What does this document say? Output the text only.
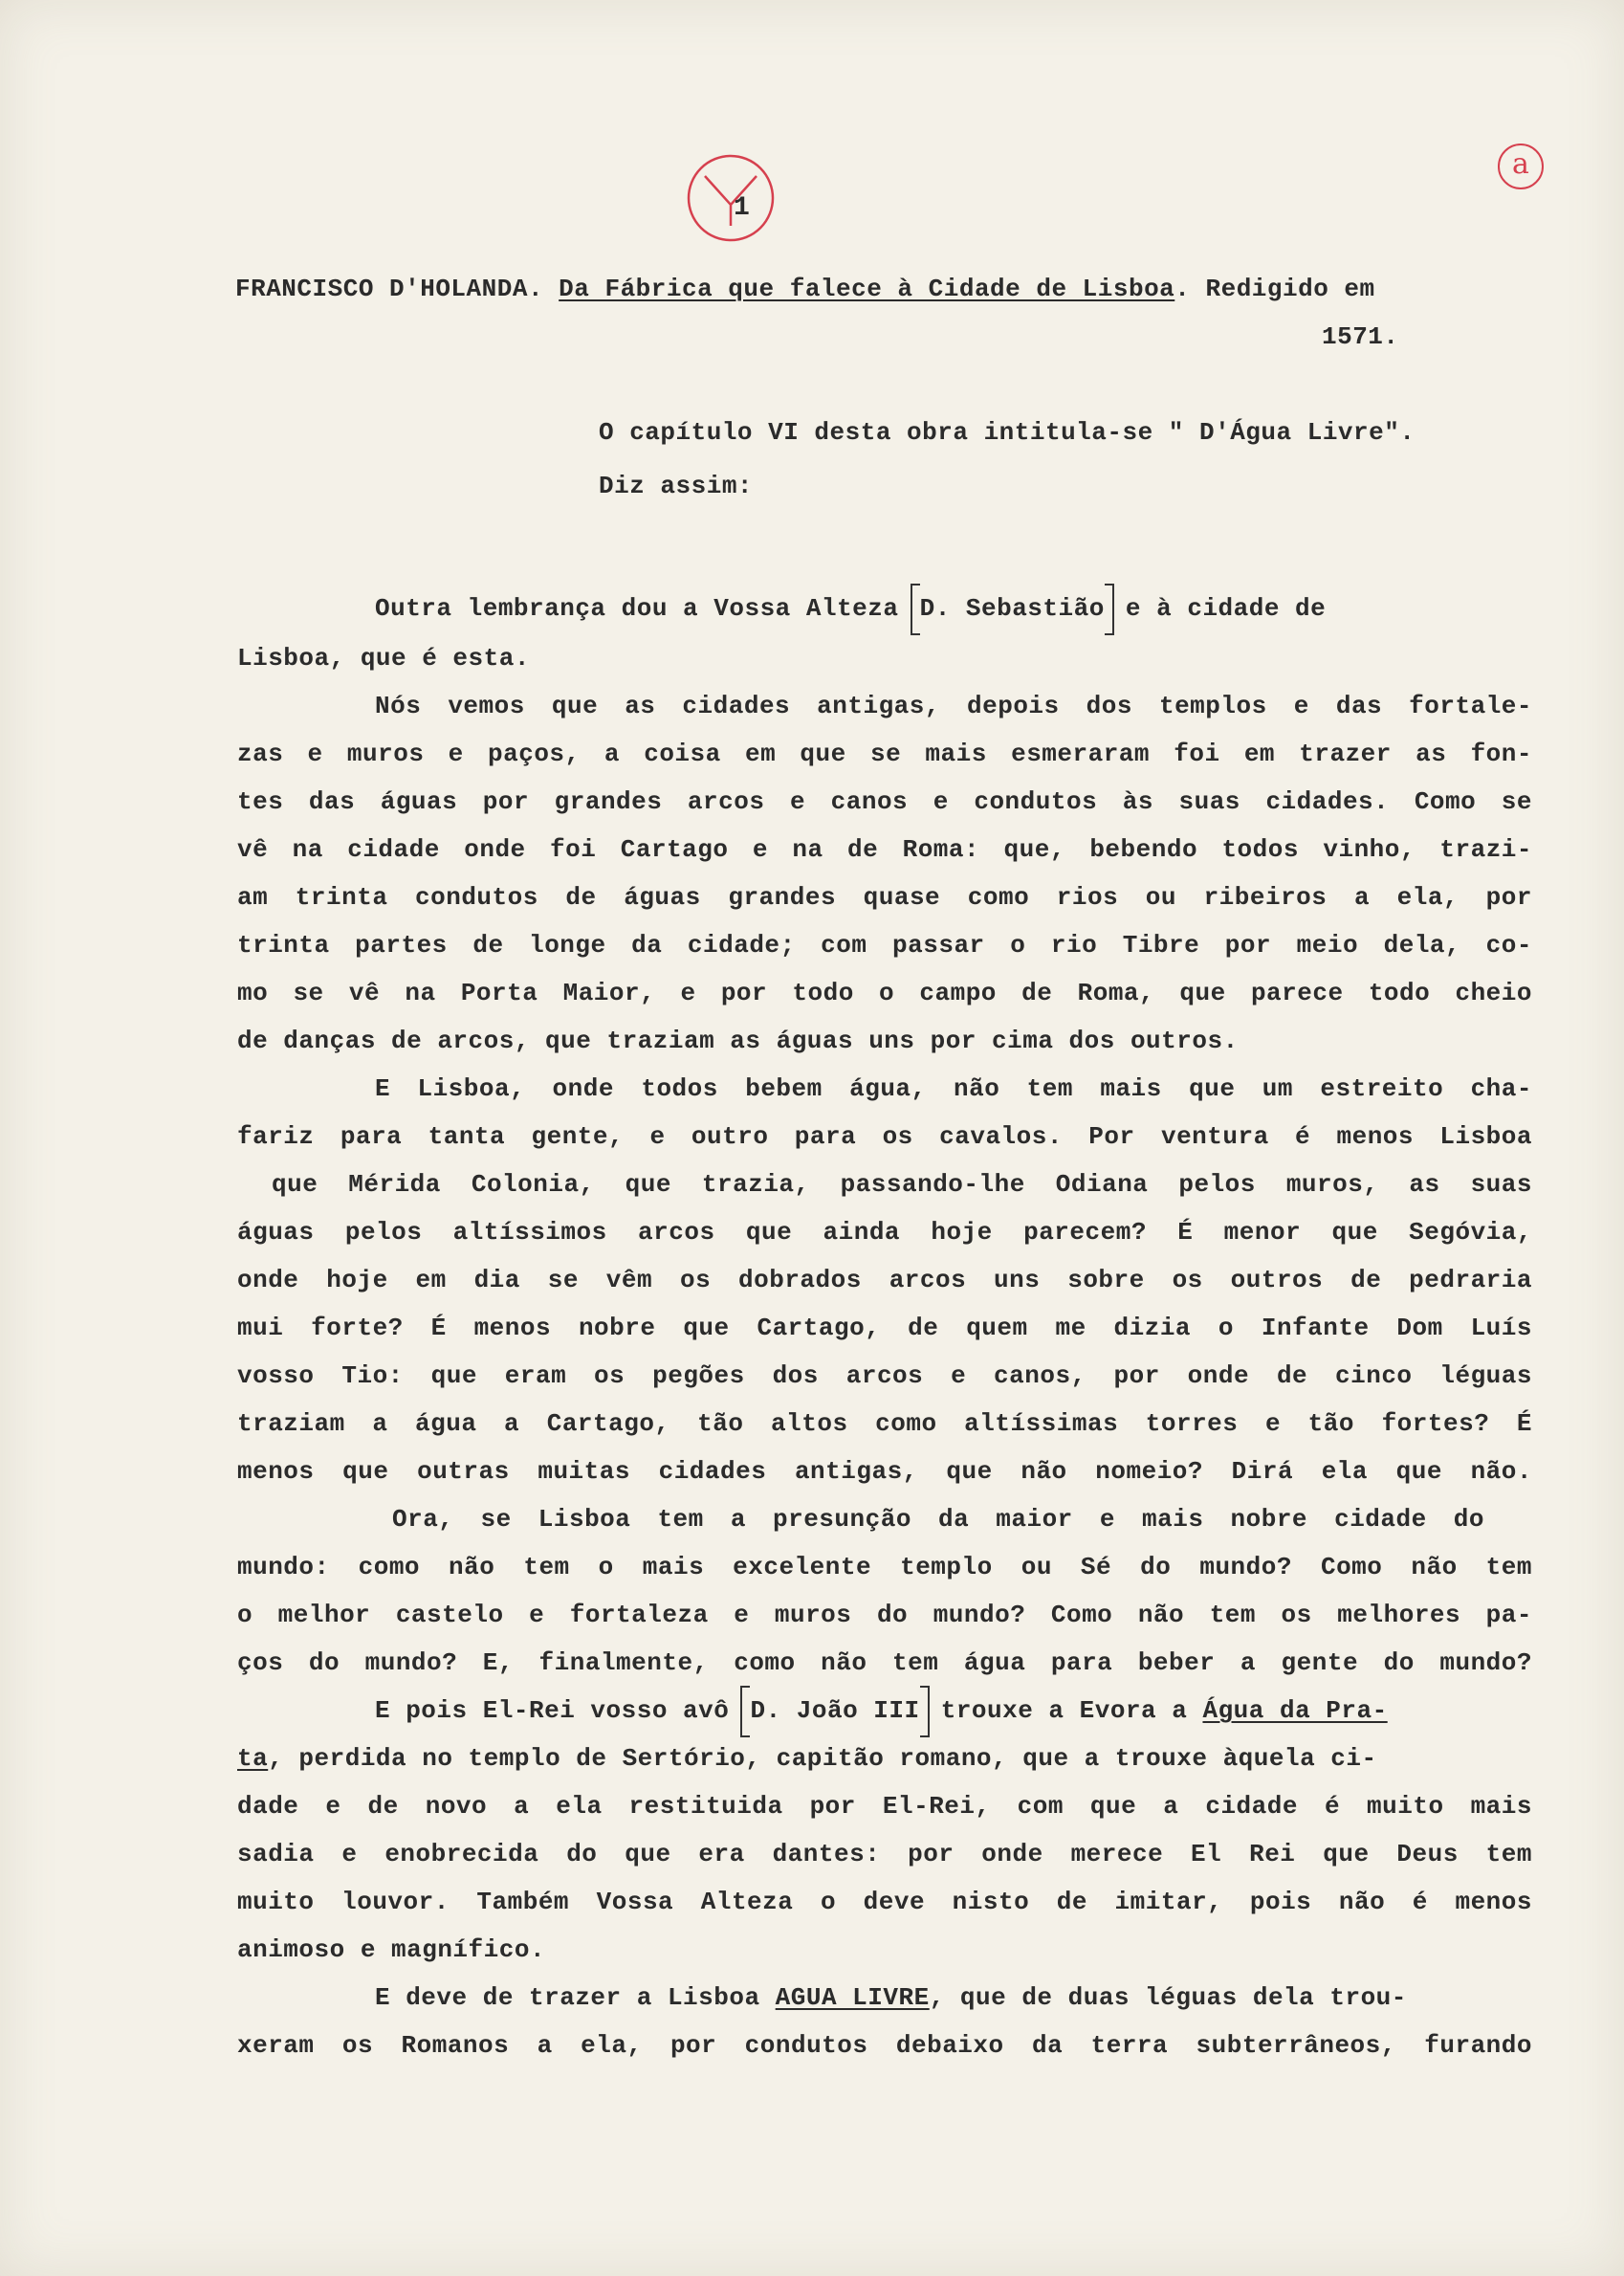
1
a
FRANCISCO D'HOLANDA. Da Fábrica que falece à Cidade de Lisboa. Redigido em
1571.
O capítulo VI desta obra intitula-se " D'Água Livre".
Diz assim:
Outra lembrança dou a Vossa Alteza D. Sebastião e à cidade de
Lisboa, que é esta.
Nós vemos que as cidades antigas, depois dos templos e das fortale-
zas e muros e paços, a coisa em que se mais esmeraram foi em trazer as fon-
tes das águas por grandes arcos e canos e condutos às suas cidades. Como se
vê na cidade onde foi Cartago e na de Roma: que, bebendo todos vinho, trazi-
am trinta condutos de águas grandes quase como rios ou ribeiros a ela, por
trinta partes de longe da cidade; com passar o rio Tibre por meio dela, co-
mo se vê na Porta Maior, e por todo o campo de Roma, que parece todo cheio
de danças de arcos, que traziam as águas uns por cima dos outros.
E Lisboa, onde todos bebem água, não tem mais que um estreito cha-
fariz para tanta gente, e outro para os cavalos. Por ventura é menos Lisboa
que Mérida Colonia, que trazia, passando-lhe Odiana pelos muros, as suas
águas pelos altíssimos arcos que ainda hoje parecem? É menor que Segóvia,
onde hoje em dia se vêm os dobrados arcos uns sobre os outros de pedraria
mui forte? É menos nobre que Cartago, de quem me dizia o Infante Dom Luís
vosso Tio: que eram os pegões dos arcos e canos, por onde de cinco léguas
traziam a água a Cartago, tão altos como altíssimas torres e tão fortes? É
menos que outras muitas cidades antigas, que não nomeio? Dirá ela que não.
Ora, se Lisboa tem a presunção da maior e mais nobre cidade do
mundo: como não tem o mais excelente templo ou Sé do mundo? Como não tem
o melhor castelo e fortaleza e muros do mundo? Como não tem os melhores pa-
ços do mundo? E, finalmente, como não tem água para beber a gente do mundo?
E pois El-Rei vosso avô D. João III trouxe a Evora a Água da Pra-
ta, perdida no templo de Sertório, capitão romano, que a trouxe àquela ci-
dade e de novo a ela restituida por El-Rei, com que a cidade é muito mais
sadia e enobrecida do que era dantes: por onde merece El Rei que Deus tem
muito louvor. Também Vossa Alteza o deve nisto de imitar, pois não é menos
animoso e magnífico.
E deve de trazer a Lisboa AGUA LIVRE, que de duas léguas dela trou-
xeram os Romanos a ela, por condutos debaixo da terra subterrâneos, furando
